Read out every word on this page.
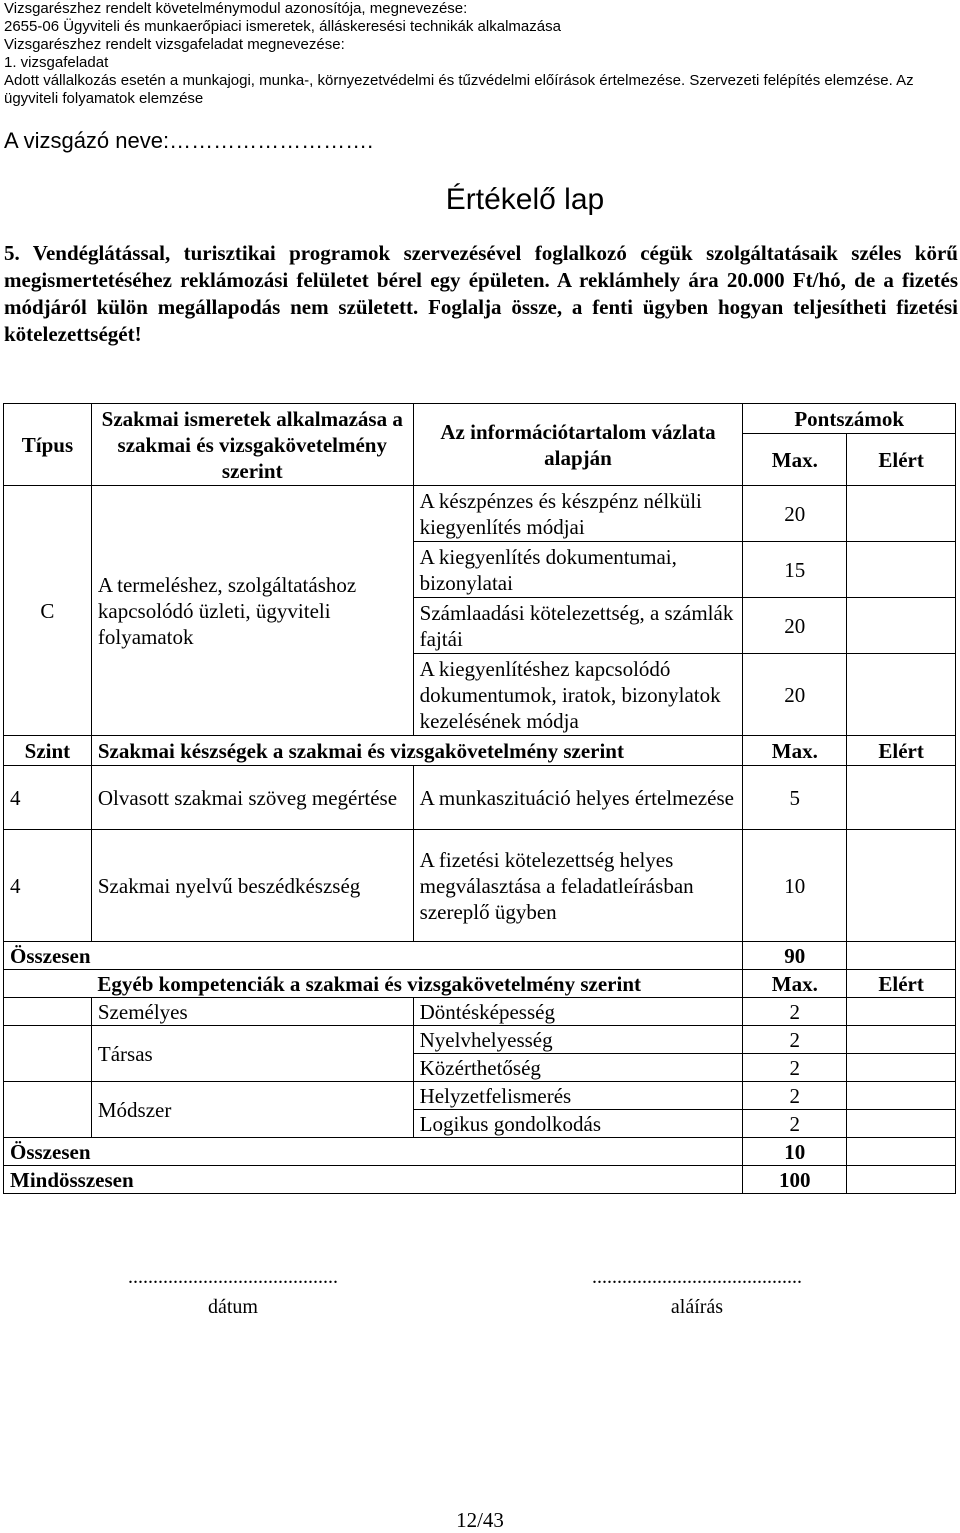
Vizsgarészhez rendelt követelménymodul azonosítója, megnevezése:
2655-06 Ügyviteli és munkaerőpiaci ismeretek, álláskeresési technikák alkalmazása
Vizsgarészhez rendelt vizsgafeladat megnevezése:
1. vizsgafeladat
Adott vállalkozás esetén a munkajogi, munka-, környezetvédelmi és tűzvédelmi előírások értelmezése. Szervezeti felépítés elemzése. Az ügyviteli folyamatok elemzése
A vizsgázó neve:……………………….
Értékelő lap
5. Vendéglátással, turisztikai programok szervezésével foglalkozó cégük szolgáltatásaik széles körű megismertetéséhez reklámozási felületet bérel egy épületen. A reklámhely ára 20.000 Ft/hó, de a fizetés módjáról külön megállapodás nem született. Foglalja össze, a fenti ügyben hogyan teljesítheti fizetési kötelezettségét!
Típus	Szakmai ismeretek alkalmazása a szakmai és vizsgakövetelmény szerint	Az információtartalom vázlata alapján	Pontszámok	
			Max.	Elért
C	A termeléshez, szolgáltatáshoz kapcsolódó üzleti, ügyviteli folyamatok	A készpénzes és készpénz nélküli kiegyenlítés módjai	20	
		A kiegyenlítés dokumentumai, bizonylatai	15	
		Számlaadási kötelezettség, a számlák fajtái	20	
		A kiegyenlítéshez kapcsolódó dokumentumok, iratok, bizonylatok kezelésének módja	20	
Szint	Szakmai készségek a szakmai és vizsgakövetelmény szerint		Max.	Elért
4	Olvasott szakmai szöveg megértése	A munkaszituáció helyes értelmezése	5	
4	Szakmai nyelvű beszédkészség	A fizetési kötelezettség helyes megválasztása a feladatleírásban szereplő ügyben	10	
Összesen			90	
	Egyéb kompetenciák a szakmai és vizsgakövetelmény szerint		Max.	Elért
	Személyes	Döntésképesség	2	
	Társas	Nyelvhelyesség	2	
		Közérthetőség	2	
	Módszer	Helyzetfelismerés	2	
		Logikus gondolkodás	2	
Összesen			10	
Mindösszesen			100	
..........................................
dátum
..........................................
aláírás
12/43
